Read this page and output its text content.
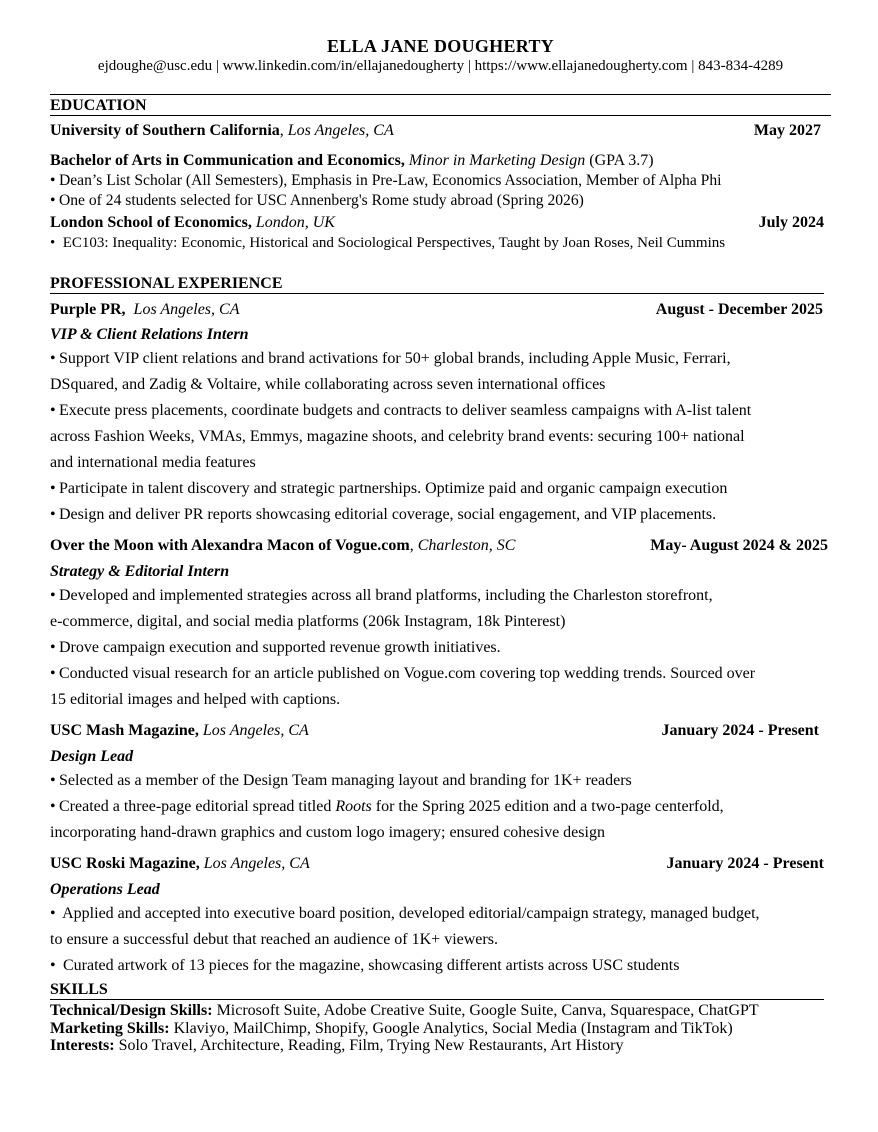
ELLA JANE DOUGHERTY
ejdoughe@usc.edu | www.linkedin.com/in/ellajanedougherty | https://www.ellajanedougherty.com | 843-834-4289
EDUCATION
University of Southern California, Los Angeles, CA	May 2027
Bachelor of Arts in Communication and Economics, Minor in Marketing Design (GPA 3.7)
• Dean’s List Scholar (All Semesters), Emphasis in Pre-Law, Economics Association, Member of Alpha Phi
• One of 24 students selected for USC Annenberg's Rome study abroad (Spring 2026)
London School of Economics, London, UK	July 2024
• EC103: Inequality: Economic, Historical and Sociological Perspectives, Taught by Joan Roses, Neil Cummins
PROFESSIONAL EXPERIENCE
Purple PR, Los Angeles, CA	August - December 2025
VIP & Client Relations Intern
• Support VIP client relations and brand activations for 50+ global brands, including Apple Music, Ferrari,
DSquared, and Zadig & Voltaire, while collaborating across seven international offices
• Execute press placements, coordinate budgets and contracts to deliver seamless campaigns with A-list talent
across Fashion Weeks, VMAs, Emmys, magazine shoots, and celebrity brand events: securing 100+ national
and international media features
• Participate in talent discovery and strategic partnerships. Optimize paid and organic campaign execution
• Design and deliver PR reports showcasing editorial coverage, social engagement, and VIP placements.
Over the Moon with Alexandra Macon of Vogue.com, Charleston, SC	May- August 2024 & 2025
Strategy & Editorial Intern
• Developed and implemented strategies across all brand platforms, including the Charleston storefront,
e-commerce, digital, and social media platforms (206k Instagram, 18k Pinterest)
• Drove campaign execution and supported revenue growth initiatives.
• Conducted visual research for an article published on Vogue.com covering top wedding trends. Sourced over
15 editorial images and helped with captions.
USC Mash Magazine, Los Angeles, CA	January 2024 - Present
Design Lead
• Selected as a member of the Design Team managing layout and branding for 1K+ readers
• Created a three-page editorial spread titled Roots for the Spring 2025 edition and a two-page centerfold,
incorporating hand-drawn graphics and custom logo imagery; ensured cohesive design
USC Roski Magazine, Los Angeles, CA	January 2024 - Present
Operations Lead
• Applied and accepted into executive board position, developed editorial/campaign strategy, managed budget,
to ensure a successful debut that reached an audience of 1K+ viewers.
• Curated artwork of 13 pieces for the magazine, showcasing different artists across USC students
SKILLS
Technical/Design Skills: Microsoft Suite, Adobe Creative Suite, Google Suite, Canva, Squarespace, ChatGPT
Marketing Skills: Klaviyo, MailChimp, Shopify, Google Analytics, Social Media (Instagram and TikTok)
Interests: Solo Travel, Architecture, Reading, Film, Trying New Restaurants, Art History
